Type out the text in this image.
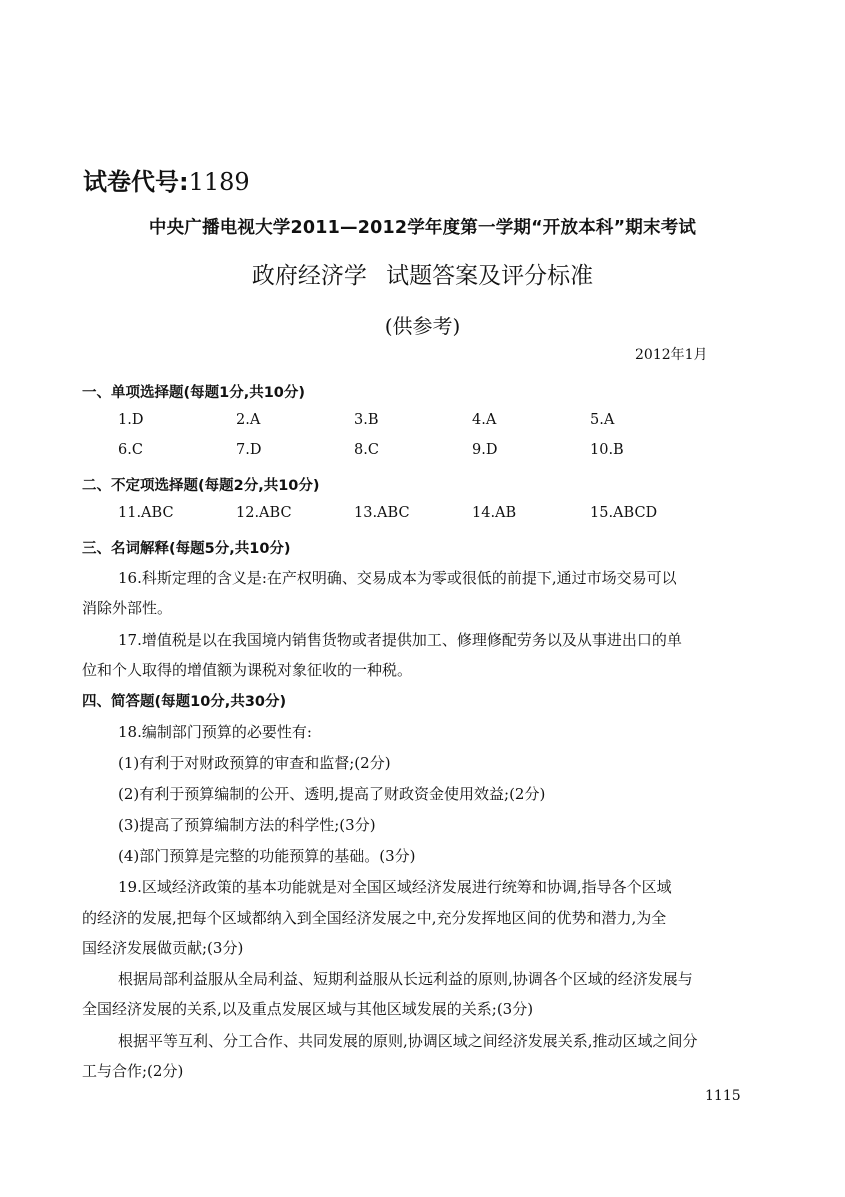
试卷代号:1189
中央广播电视大学2011—2012学年度第一学期“开放本科”期末考试
政府经济学 试题答案及评分标准
(供参考)
2012年1月
一、单项选择题(每题1分,共10分)
1.D	2.A	3.B	4.A	5.A
6.C	7.D	8.C	9.D	10.B
二、不定项选择题(每题2分,共10分)
11.ABC	12.ABC	13.ABC	14.AB	15.ABCD
三、名词解释(每题5分,共10分)
16.科斯定理的含义是:在产权明确、交易成本为零或很低的前提下,通过市场交易可以
消除外部性。
17.增值税是以在我国境内销售货物或者提供加工、修理修配劳务以及从事进出口的单
位和个人取得的增值额为课税对象征收的一种税。
四、简答题(每题10分,共30分)
18.编制部门预算的必要性有:
(1)有利于对财政预算的审查和监督;(2分)
(2)有利于预算编制的公开、透明,提高了财政资金使用效益;(2分)
(3)提高了预算编制方法的科学性;(3分)
(4)部门预算是完整的功能预算的基础。(3分)
19.区域经济政策的基本功能就是对全国区域经济发展进行统筹和协调,指导各个区域
的经济的发展,把每个区域都纳入到全国经济发展之中,充分发挥地区间的优势和潜力,为全
国经济发展做贡献;(3分)
根据局部利益服从全局利益、短期利益服从长远利益的原则,协调各个区域的经济发展与
全国经济发展的关系,以及重点发展区域与其他区域发展的关系;(3分)
根据平等互利、分工合作、共同发展的原则,协调区域之间经济发展关系,推动区域之间分
工与合作;(2分)
1115
